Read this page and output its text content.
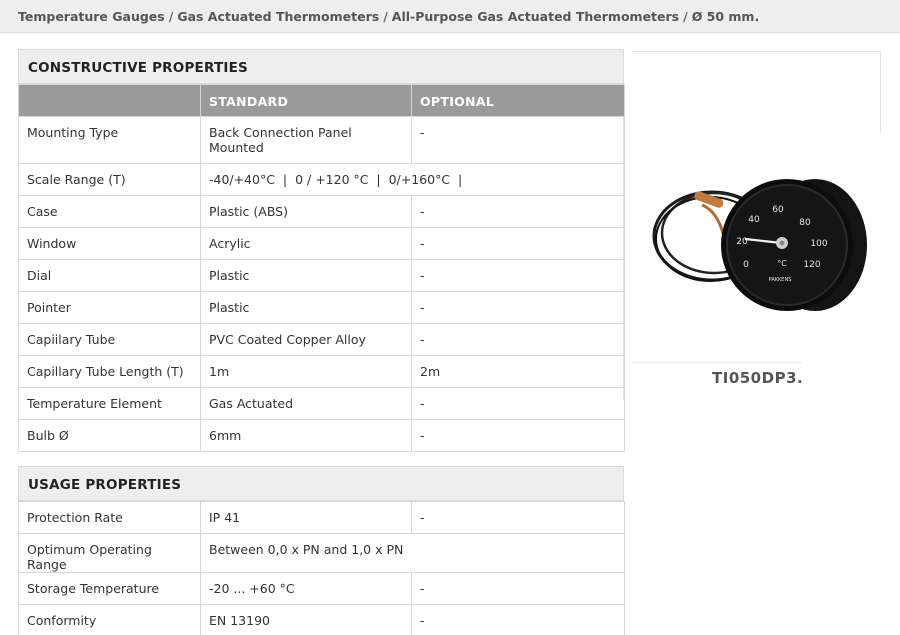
Temperature Gauges / Gas Actuated Thermometers / All-Purpose Gas Actuated Thermometers / Ø 50 mm.
CONSTRUCTIVE PROPERTIES
	STANDARD	OPTIONAL
Mounting Type	Back Connection Panel Mounted	-
Scale Range (T)	-40/+40°C  |  0 / +120 °C  |  0/+160°C  |	
Case	Plastic (ABS)	-
Window	Acrylic	-
Dial	Plastic	-
Pointer	Plastic	-
Capiilary Tube	PVC Coated Copper Alloy	-
Capillary Tube Length (T)	1m	2m
Temperature Element	Gas Actuated	-
Bulb Ø	6mm	-
USAGE PROPERTIES
Protection Rate	IP 41	-
Optimum Operating Range	Between 0,0 x PN and 1,0 x PN	
Storage Temperature	-20 ... +60 °C	-
Conformity	EN 13190	-
0
20
40
60
80
100
120
°C
PAKKENS
TI050DP3.
